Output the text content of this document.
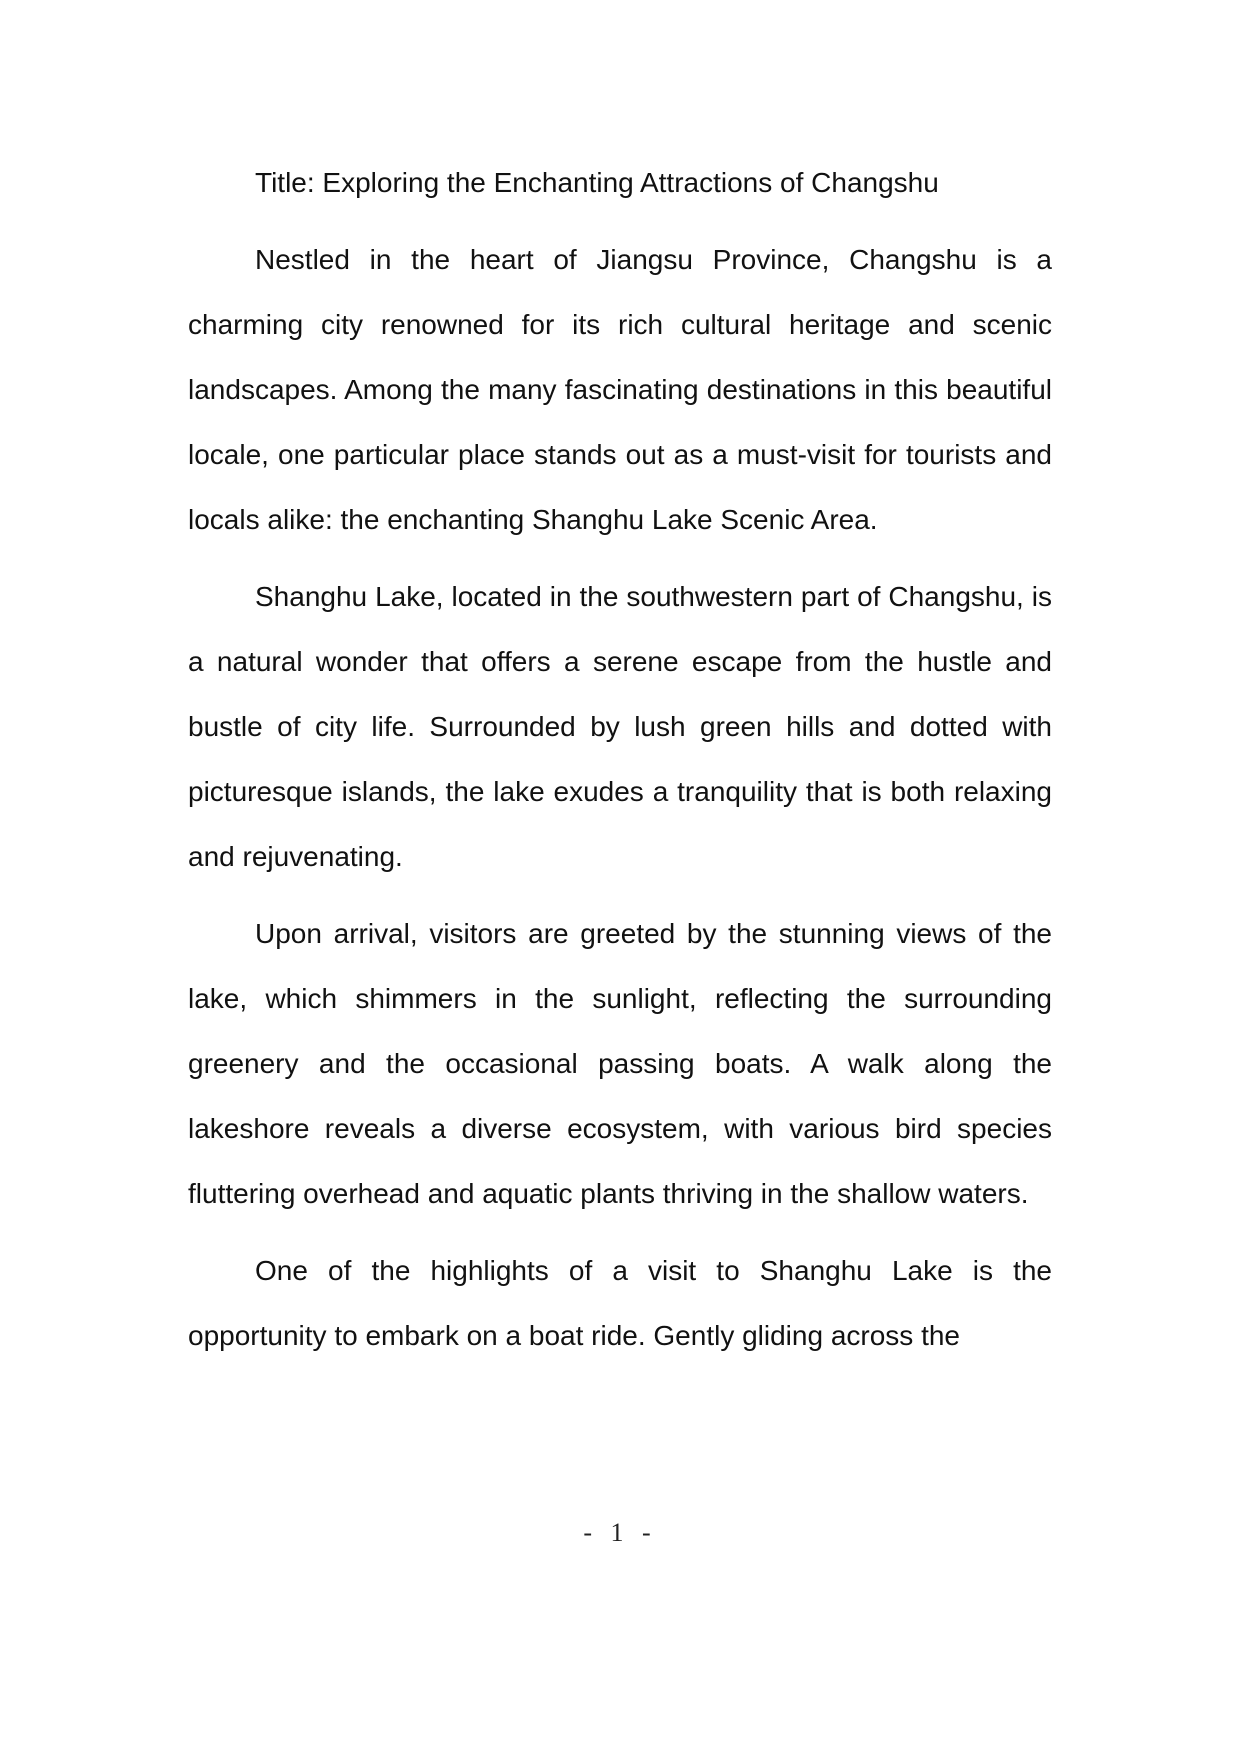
Title: Exploring the Enchanting Attractions of Changshu

Nestled in the heart of Jiangsu Province, Changshu is a charming city renowned for its rich cultural heritage and scenic landscapes. Among the many fascinating destinations in this beautiful locale, one particular place stands out as a must-visit for tourists and locals alike: the enchanting Shanghu Lake Scenic Area.

Shanghu Lake, located in the southwestern part of Changshu, is a natural wonder that offers a serene escape from the hustle and bustle of city life. Surrounded by lush green hills and dotted with picturesque islands, the lake exudes a tranquility that is both relaxing and rejuvenating.

Upon arrival, visitors are greeted by the stunning views of the lake, which shimmers in the sunlight, reflecting the surrounding greenery and the occasional passing boats. A walk along the lakeshore reveals a diverse ecosystem, with various bird species fluttering overhead and aquatic plants thriving in the shallow waters.

One of the highlights of a visit to Shanghu Lake is the opportunity to embark on a boat ride. Gently gliding across the

- 1 -
